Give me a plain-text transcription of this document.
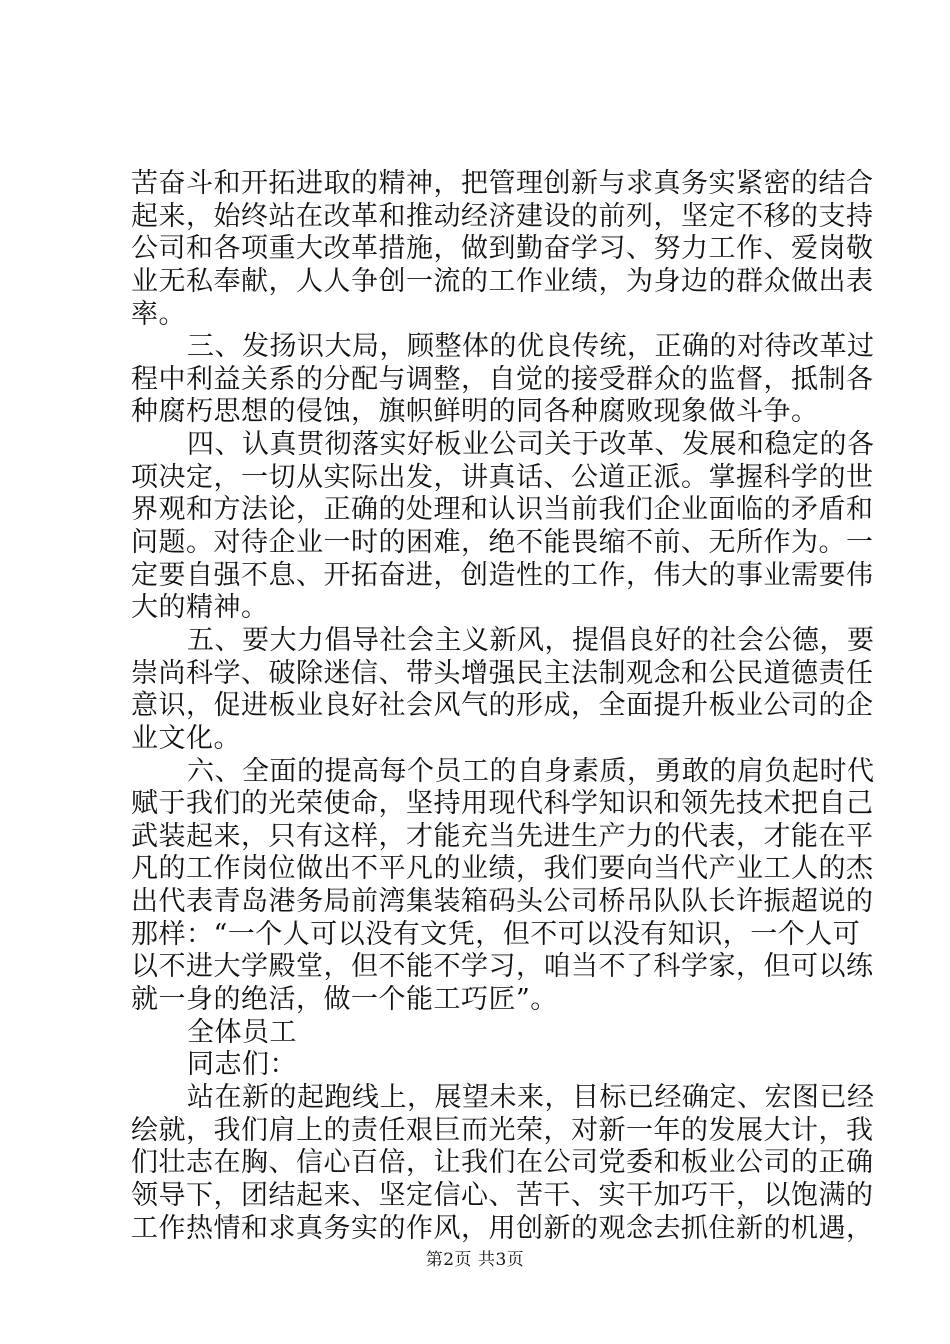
苦奋斗和开拓进取的精神，把管理创新与求真务实紧密的结合
起来，始终站在改革和推动经济建设的前列，坚定不移的支持
公司和各项重大改革措施，做到勤奋学习、努力工作、爱岗敬
业无私奉献，人人争创一流的工作业绩，为身边的群众做出表
率。
三、发扬识大局，顾整体的优良传统，正确的对待改革过
程中利益关系的分配与调整，自觉的接受群众的监督，抵制各
种腐朽思想的侵蚀，旗帜鲜明的同各种腐败现象做斗争。
四、认真贯彻落实好板业公司关于改革、发展和稳定的各
项决定，一切从实际出发，讲真话、公道正派。掌握科学的世
界观和方法论，正确的处理和认识当前我们企业面临的矛盾和
问题。对待企业一时的困难，绝不能畏缩不前、无所作为。一
定要自强不息、开拓奋进，创造性的工作，伟大的事业需要伟
大的精神。
五、要大力倡导社会主义新风，提倡良好的社会公德，要
崇尚科学、破除迷信、带头增强民主法制观念和公民道德责任
意识，促进板业良好社会风气的形成，全面提升板业公司的企
业文化。
六、全面的提高每个员工的自身素质，勇敢的肩负起时代
赋于我们的光荣使命，坚持用现代科学知识和领先技术把自己
武装起来，只有这样，才能充当先进生产力的代表，才能在平
凡的工作岗位做出不平凡的业绩，我们要向当代产业工人的杰
出代表青岛港务局前湾集装箱码头公司桥吊队队长许振超说的
那样：“一个人可以没有文凭，但不可以没有知识，一个人可
以不进大学殿堂，但不能不学习，咱当不了科学家，但可以练
就一身的绝活，做一个能工巧匠”。
全体员工
同志们：
站在新的起跑线上，展望未来，目标已经确定、宏图已经
绘就，我们肩上的责任艰巨而光荣，对新一年的发展大计，我
们壮志在胸、信心百倍，让我们在公司党委和板业公司的正确
领导下，团结起来、坚定信心、苦干、实干加巧干，以饱满的
工作热情和求真务实的作风，用创新的观念去抓住新的机遇，
第2页 共3页
